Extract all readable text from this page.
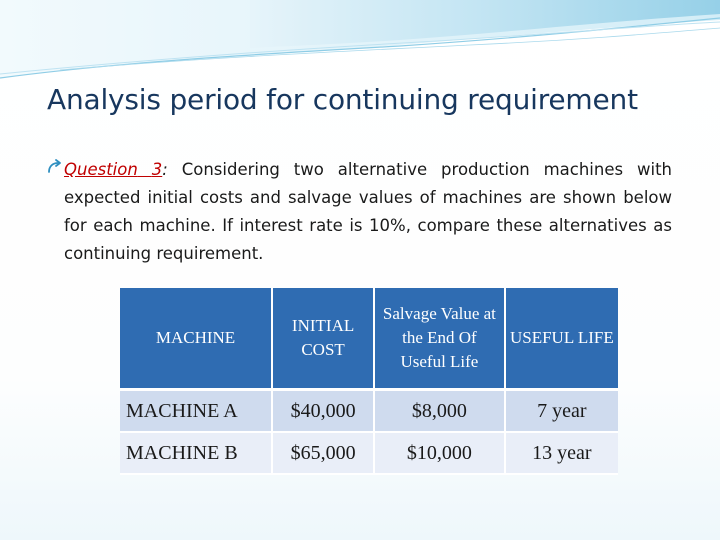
Analysis period for continuing requirement

Question 3: Considering two alternative production machines with expected initial costs and salvage values of machines are shown below for each machine. If interest rate is 10%, compare these alternatives as continuing requirement.

MACHINE	INITIAL COST	Salvage Value at the End Of Useful Life	USEFUL LIFE
MACHINE A	$40,000	$8,000	7 year
MACHINE B	$65,000	$10,000	13 year
